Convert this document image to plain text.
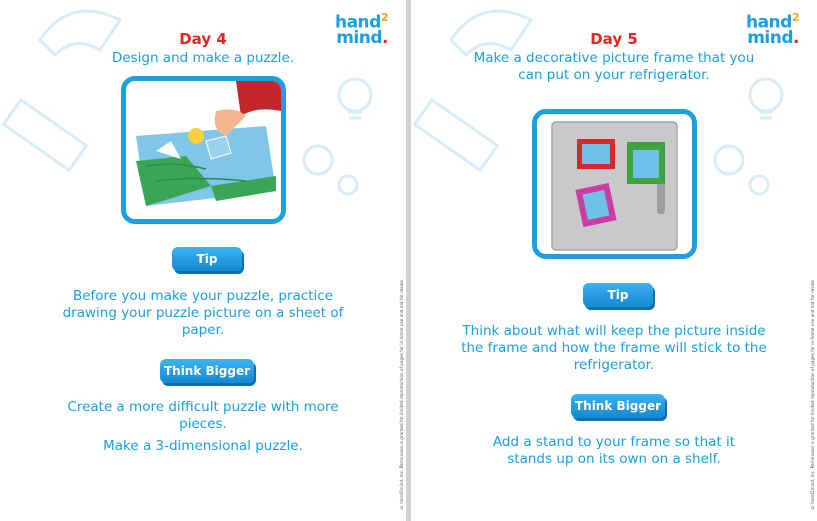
hand$^2$
mind.
Day 4
Design and make a puzzle.
Tip
Before you make your puzzle, practice drawing your puzzle picture on a sheet of paper.
Think Bigger
Create a more difficult puzzle with more pieces.
Make a 3-dimensional puzzle.	© hand2mind, Inc. Permission is granted for limited reproduction of pages for in-home use and not for resale.
hand$^2$
mind.
Day 5
Make a decorative picture frame that you can put on your refrigerator.
Tip
Think about what will keep the picture inside the frame and how the frame will stick to the refrigerator.
Think Bigger
Add a stand to your frame so that it stands up on its own on a shelf.	© hand2mind, Inc. Permission is granted for limited reproduction of pages for in-home use and not for resale.
